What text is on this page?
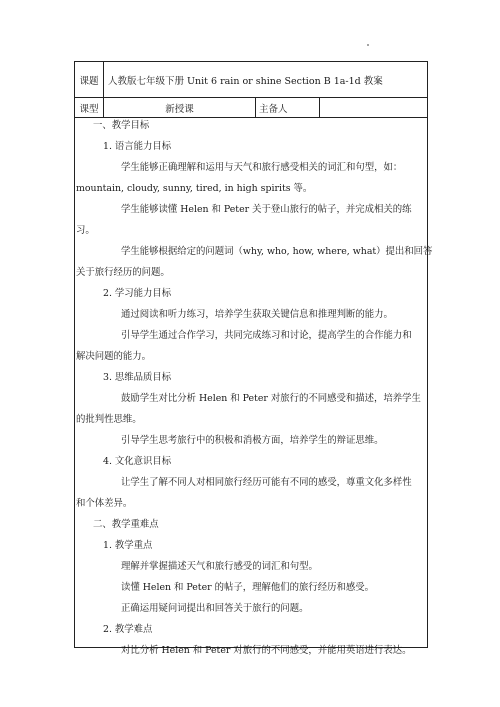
课题	人教版七年级下册 Unit 6 rain or shine Section B 1a-1d 教案
课型	新授课	主备人
一、教学目标
1. 语言能力目标
学生能够正确理解和运用与天气和旅行感受相关的词汇和句型，如：
mountain, cloudy, sunny, tired, in high spirits 等。
学生能够读懂 Helen 和 Peter 关于登山旅行的帖子，并完成相关的练
习。
学生能够根据给定的问题词（why, who, how, where, what）提出和回答
关于旅行经历的问题。
2. 学习能力目标
通过阅读和听力练习，培养学生获取关键信息和推理判断的能力。
引导学生通过合作学习，共同完成练习和讨论，提高学生的合作能力和
解决问题的能力。
3. 思维品质目标
鼓励学生对比分析 Helen 和 Peter 对旅行的不同感受和描述，培养学生
的批判性思维。
引导学生思考旅行中的积极和消极方面，培养学生的辩证思维。
4. 文化意识目标
让学生了解不同人对相同旅行经历可能有不同的感受，尊重文化多样性
和个体差异。
二、教学重难点
1. 教学重点
理解并掌握描述天气和旅行感受的词汇和句型。
读懂 Helen 和 Peter 的帖子，理解他们的旅行经历和感受。
正确运用疑问词提出和回答关于旅行的问题。
2. 教学难点
对比分析 Helen 和 Peter 对旅行的不同感受，并能用英语进行表达。
